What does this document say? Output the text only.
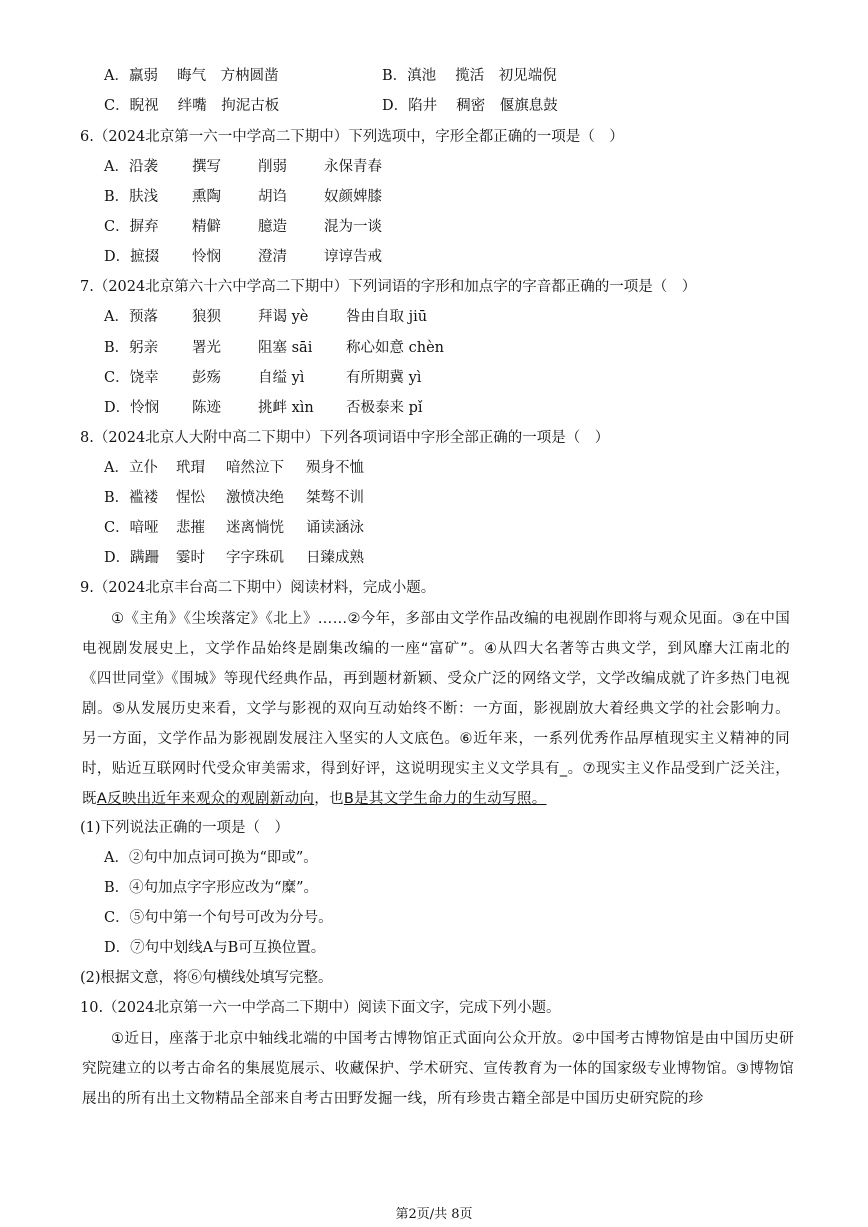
A．羸弱　 晦气　方枘圆凿	B．滇池　 揽活　初见端倪
C．睨视　 绊嘴　拘泥古板	D．陷井　 稠密　偃旗息鼓
6.（2024北京第一六一中学高二下期中）下列选项中，字形全都正确的一项是（　）
A．沿袭 撰写	削弱	永保青春
B．肤浅 熏陶	胡诌	奴颜婢膝
C．摒弃 精僻	臆造	混为一谈
D．摭掇 怜悯	澄清	谆谆告戒
7.（2024北京第六十六中学高二下期中）下列词语的字形和加点字的字音都正确的一项是（　）
A．预落 狼狈	拜谒 yè	咎由自取 jiū
B．躬亲 署光	阻塞 sāi 称心如意 chèn
C．饶幸 彭殇	自缢 yì	有所期冀 yì
D．怜悯 陈迹	挑衅 xìn 否极泰来 pǐ
8.（2024北京人大附中高二下期中）下列各项词语中字形全部正确的一项是（　）
A．立仆 玳瑁 喑然泣下 殒身不恤
B．褴褛 惺忪 激愤决绝 桀骜不训
C．喑哑 悲摧 迷离惝恍 诵读涵泳
D．蹒跚 霎时 字字珠矶 日臻成熟
9.（2024北京丰台高二下期中）阅读材料，完成小题。
①《主角》《尘埃落定》《北上》……②今年，多部由文学作品改编的电视剧作即将与观众见面。③在中国电视剧发展史上，文学作品始终是剧集改编的一座“富矿”。④从四大名著等古典文学，到风靡大江南北的《四世同堂》《围城》等现代经典作品，再到题材新颖、受众广泛的网络文学，文学改编成就了许多热门电视剧。⑤从发展历史来看，文学与影视的双向互动始终不断：一方面，影视剧放大着经典文学的社会影响力。另一方面，文学作品为影视剧发展注入坚实的人文底色。⑥近年来，一系列优秀作品厚植现实主义精神的同时，贴近互联网时代受众审美需求，得到好评，这说明现实主义文学具有_。⑦现实主义作品受到广泛关注，既A反映出近年来观众的观剧新动向，也B是其文学生命力的生动写照。
(1)下列说法正确的一项是（　）
A．②句中加点词可换为“即或”。
B．④句加点字字形应改为“糜”。
C．⑤句中第一个句号可改为分号。
D．⑦句中划线A与B可互换位置。
(2)根据文意，将⑥句横线处填写完整。
10.（2024北京第一六一中学高二下期中）阅读下面文字，完成下列小题。
①近日，座落于北京中轴线北端的中国考古博物馆正式面向公众开放。②中国考古博物馆是由中国历史研究院建立的以考古命名的集展览展示、收藏保护、学术研究、宣传教育为一体的国家级专业博物馆。③博物馆展出的所有出土文物精品全部来自考古田野发掘一线，所有珍贵古籍全部是中国历史研究院的珍
第2页/共 8页
